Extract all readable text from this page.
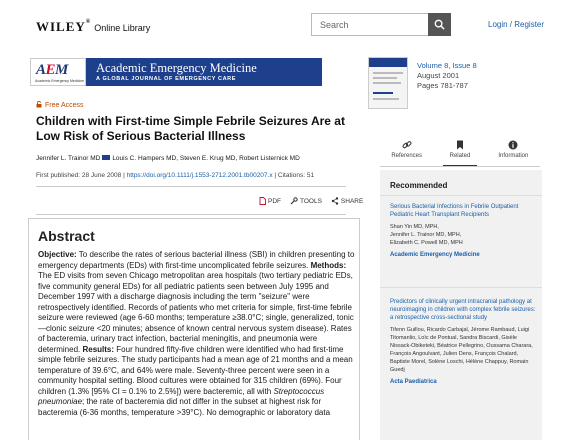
WILEY®Online Library
Search	Login / Register
AEM
Academic Emergency Medicine
Academic Emergency Medicine
A GLOBAL JOURNAL OF EMERGENCY CARE
Volume 8, Issue 8
August 2001
Pages 781-787
Free Access
Children with First-time Simple Febrile Seizures Are at Low Risk of Serious Bacterial Illness
Jennifer L. Trainor MD Louis C. Hampers MD, Steven E. Krug MD, Robert Listernick MD
First published: 28 June 2008 | https://doi.org/10.1111/j.1553-2712.2001.tb00207.x | Citations: 51
PDF	TOOLS	SHARE
Abstract

Objective: To describe the rates of serious bacterial illness (SBI) in children presenting to emergency departments (EDs) with first-time uncomplicated febrile seizures. Methods: The ED visits from seven Chicago metropolitan area hospitals (two tertiary pediatric EDs, five community general EDs) for all pediatric patients seen between July 1995 and December 1997 with a discharge diagnosis including the term "seizure" were retrospectively identified. Records of patients who met criteria for simple, first-time febrile seizure were reviewed (age 6-60 months; temperature ≥38.0°C; single, generalized, tonic—clonic seizure <20 minutes; absence of known central nervous system disease). Rates of bacteremia, urinary tract infection, bacterial meningitis, and pneumonia were determined. Results: Four hundred fifty-five children were identified who had first-time simple febrile seizures. The study participants had a mean age of 21 months and a mean temperature of 39.6°C, and 64% were male. Seventy-three percent were seen in a community hospital setting. Blood cultures were obtained for 315 children (69%). Four children (1.3% [95% CI = 0.1% to 2.5%]) were bacteremic, all with Streptococcus pneumoniae; the rate of bacteremia did not differ in the subset at highest risk for bacteremia (6-36 months, temperature >39°C). No demographic or laboratory data

References	Related	Information
Recommended
Serious Bacterial Infections in Febrile Outpatient Pediatric Heart Transplant Recipients
Shan Yin MD, MPH,
Jennifer L. Trainor MD, MPH,
Elizabeth C. Powell MD, MPH
Academic Emergency Medicine
Predictors of clinically urgent intracranial pathology at neuroimaging in children with complex febrile seizures: a retrospective cross-sectional study
Tifenn Guillou, Ricardo Carbajal, Jérome Rambaud, Luigi Titomanlio, Loïc de Pontual, Sandra Biscardi, Gisèle Nissack-Obiketeki, Béatrice Pellegrino, Oussama Charara, François Angoulvant, Julien Dens, François Chalard, Baptiste Morel, Solène Loschi, Hélène Chappuy, Romain Guedj
Acta Paediatrica
